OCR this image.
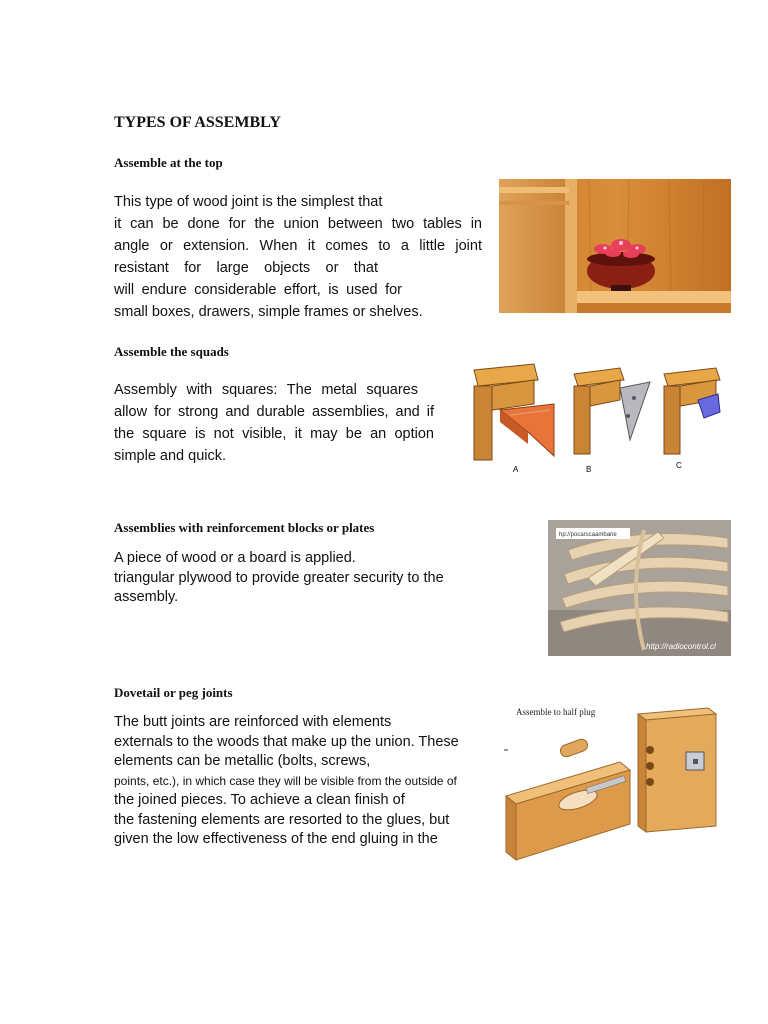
TYPES OF ASSEMBLY
Assemble at the top
This type of wood joint is the simplest that
it can be done for the union between two tables in
angle or extension. When it comes to a little joint
resistant for large objects or that
will endure considerable effort, is used for
small boxes, drawers, simple frames or shelves.
Assemble the squads
Assembly with squares: The metal squares
allow for strong and durable assemblies, and if
the square is not visible, it may be an option
simple and quick.
A	B	C
Assemblies with reinforcement blocks or plates
A piece of wood or a board is applied.
triangular plywood to provide greater security to the
assembly.
hp://pocarscaambane
http://radiocontrol.cl
Dovetail or peg joints
The butt joints are reinforced with elements
externals to the woods that make up the union. These
elements can be metallic (bolts, screws,
points, etc.), in which case they will be visible from the outside of
the joined pieces. To achieve a clean finish of
the fastening elements are resorted to the glues, but
given the low effectiveness of the end gluing in the
Assemble to half plug
